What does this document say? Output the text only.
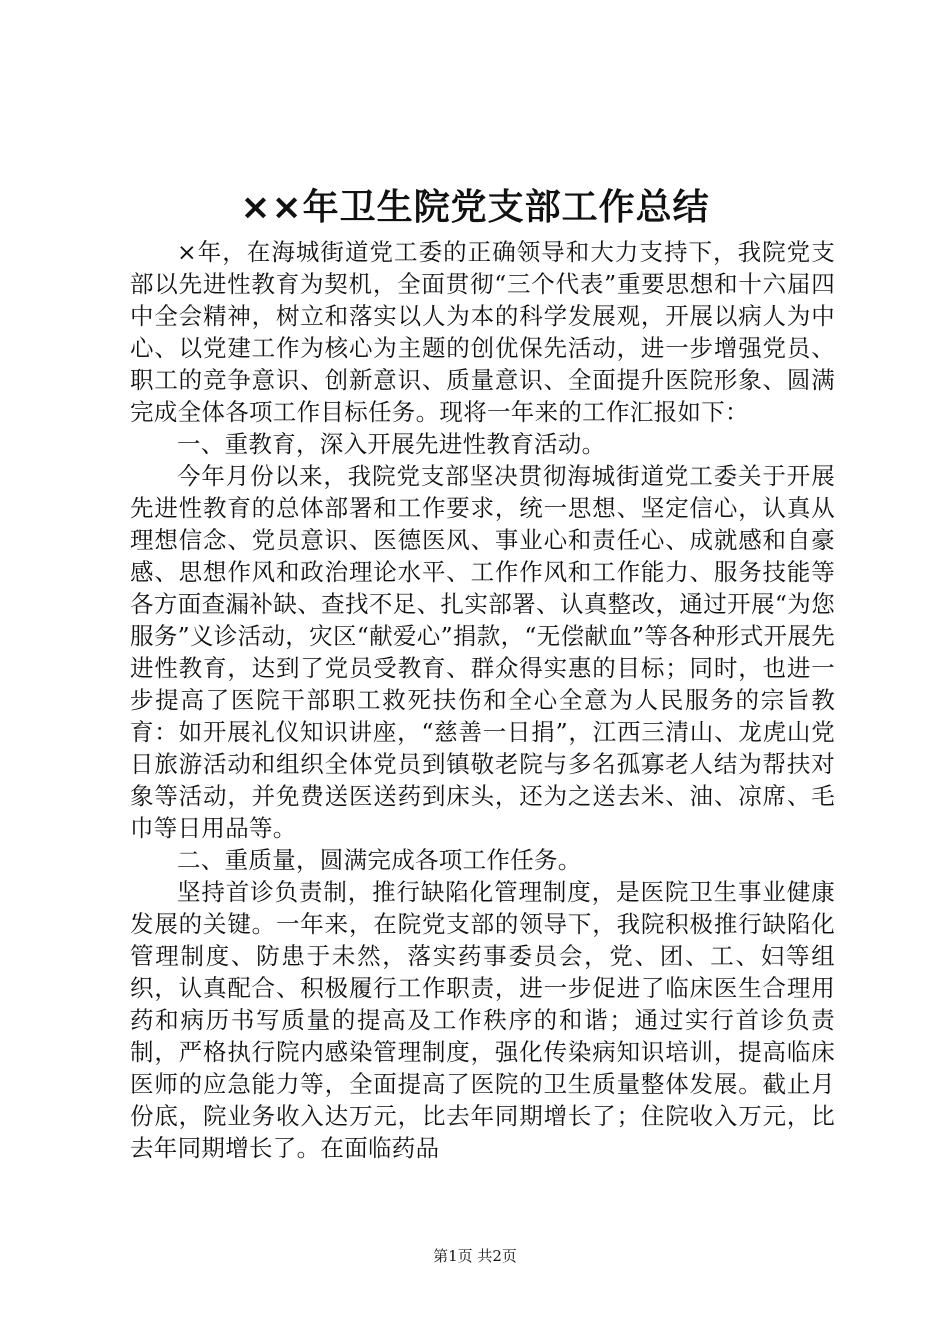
××年卫生院党支部工作总结

×年，在海城街道党工委的正确领导和大力支持下，我院党支部以先进性教育为契机，全面贯彻“三个代表”重要思想和十六届四中全会精神，树立和落实以人为本的科学发展观，开展以病人为中心、以党建工作为核心为主题的创优保先活动，进一步增强党员、职工的竞争意识、创新意识、质量意识、全面提升医院形象、圆满完成全体各项工作目标任务。现将一年来的工作汇报如下：

一、重教育，深入开展先进性教育活动。

今年月份以来，我院党支部坚决贯彻海城街道党工委关于开展先进性教育的总体部署和工作要求，统一思想、坚定信心，认真从理想信念、党员意识、医德医风、事业心和责任心、成就感和自豪感、思想作风和政治理论水平、工作作风和工作能力、服务技能等各方面查漏补缺、查找不足、扎实部署、认真整改，通过开展“为您服务”义诊活动，灾区“献爱心”捐款，“无偿献血”等各种形式开展先进性教育，达到了党员受教育、群众得实惠的目标；同时，也进一步提高了医院干部职工救死扶伤和全心全意为人民服务的宗旨教育：如开展礼仪知识讲座，“慈善一日捐”，江西三清山、龙虎山党日旅游活动和组织全体党员到镇敬老院与多名孤寡老人结为帮扶对象等活动，并免费送医送药到床头，还为之送去米、油、凉席、毛巾等日用品等。

二、重质量，圆满完成各项工作任务。

坚持首诊负责制，推行缺陷化管理制度，是医院卫生事业健康发展的关键。一年来，在院党支部的领导下，我院积极推行缺陷化管理制度、防患于未然，落实药事委员会，党、团、工、妇等组织，认真配合、积极履行工作职责，进一步促进了临床医生合理用药和病历书写质量的提高及工作秩序的和谐；通过实行首诊负责制，严格执行院内感染管理制度，强化传染病知识培训，提高临床医师的应急能力等，全面提高了医院的卫生质量整体发展。截止月份底，院业务收入达万元，比去年同期增长了；住院收入万元，比去年同期增长了。在面临药品

第1页 共2页
